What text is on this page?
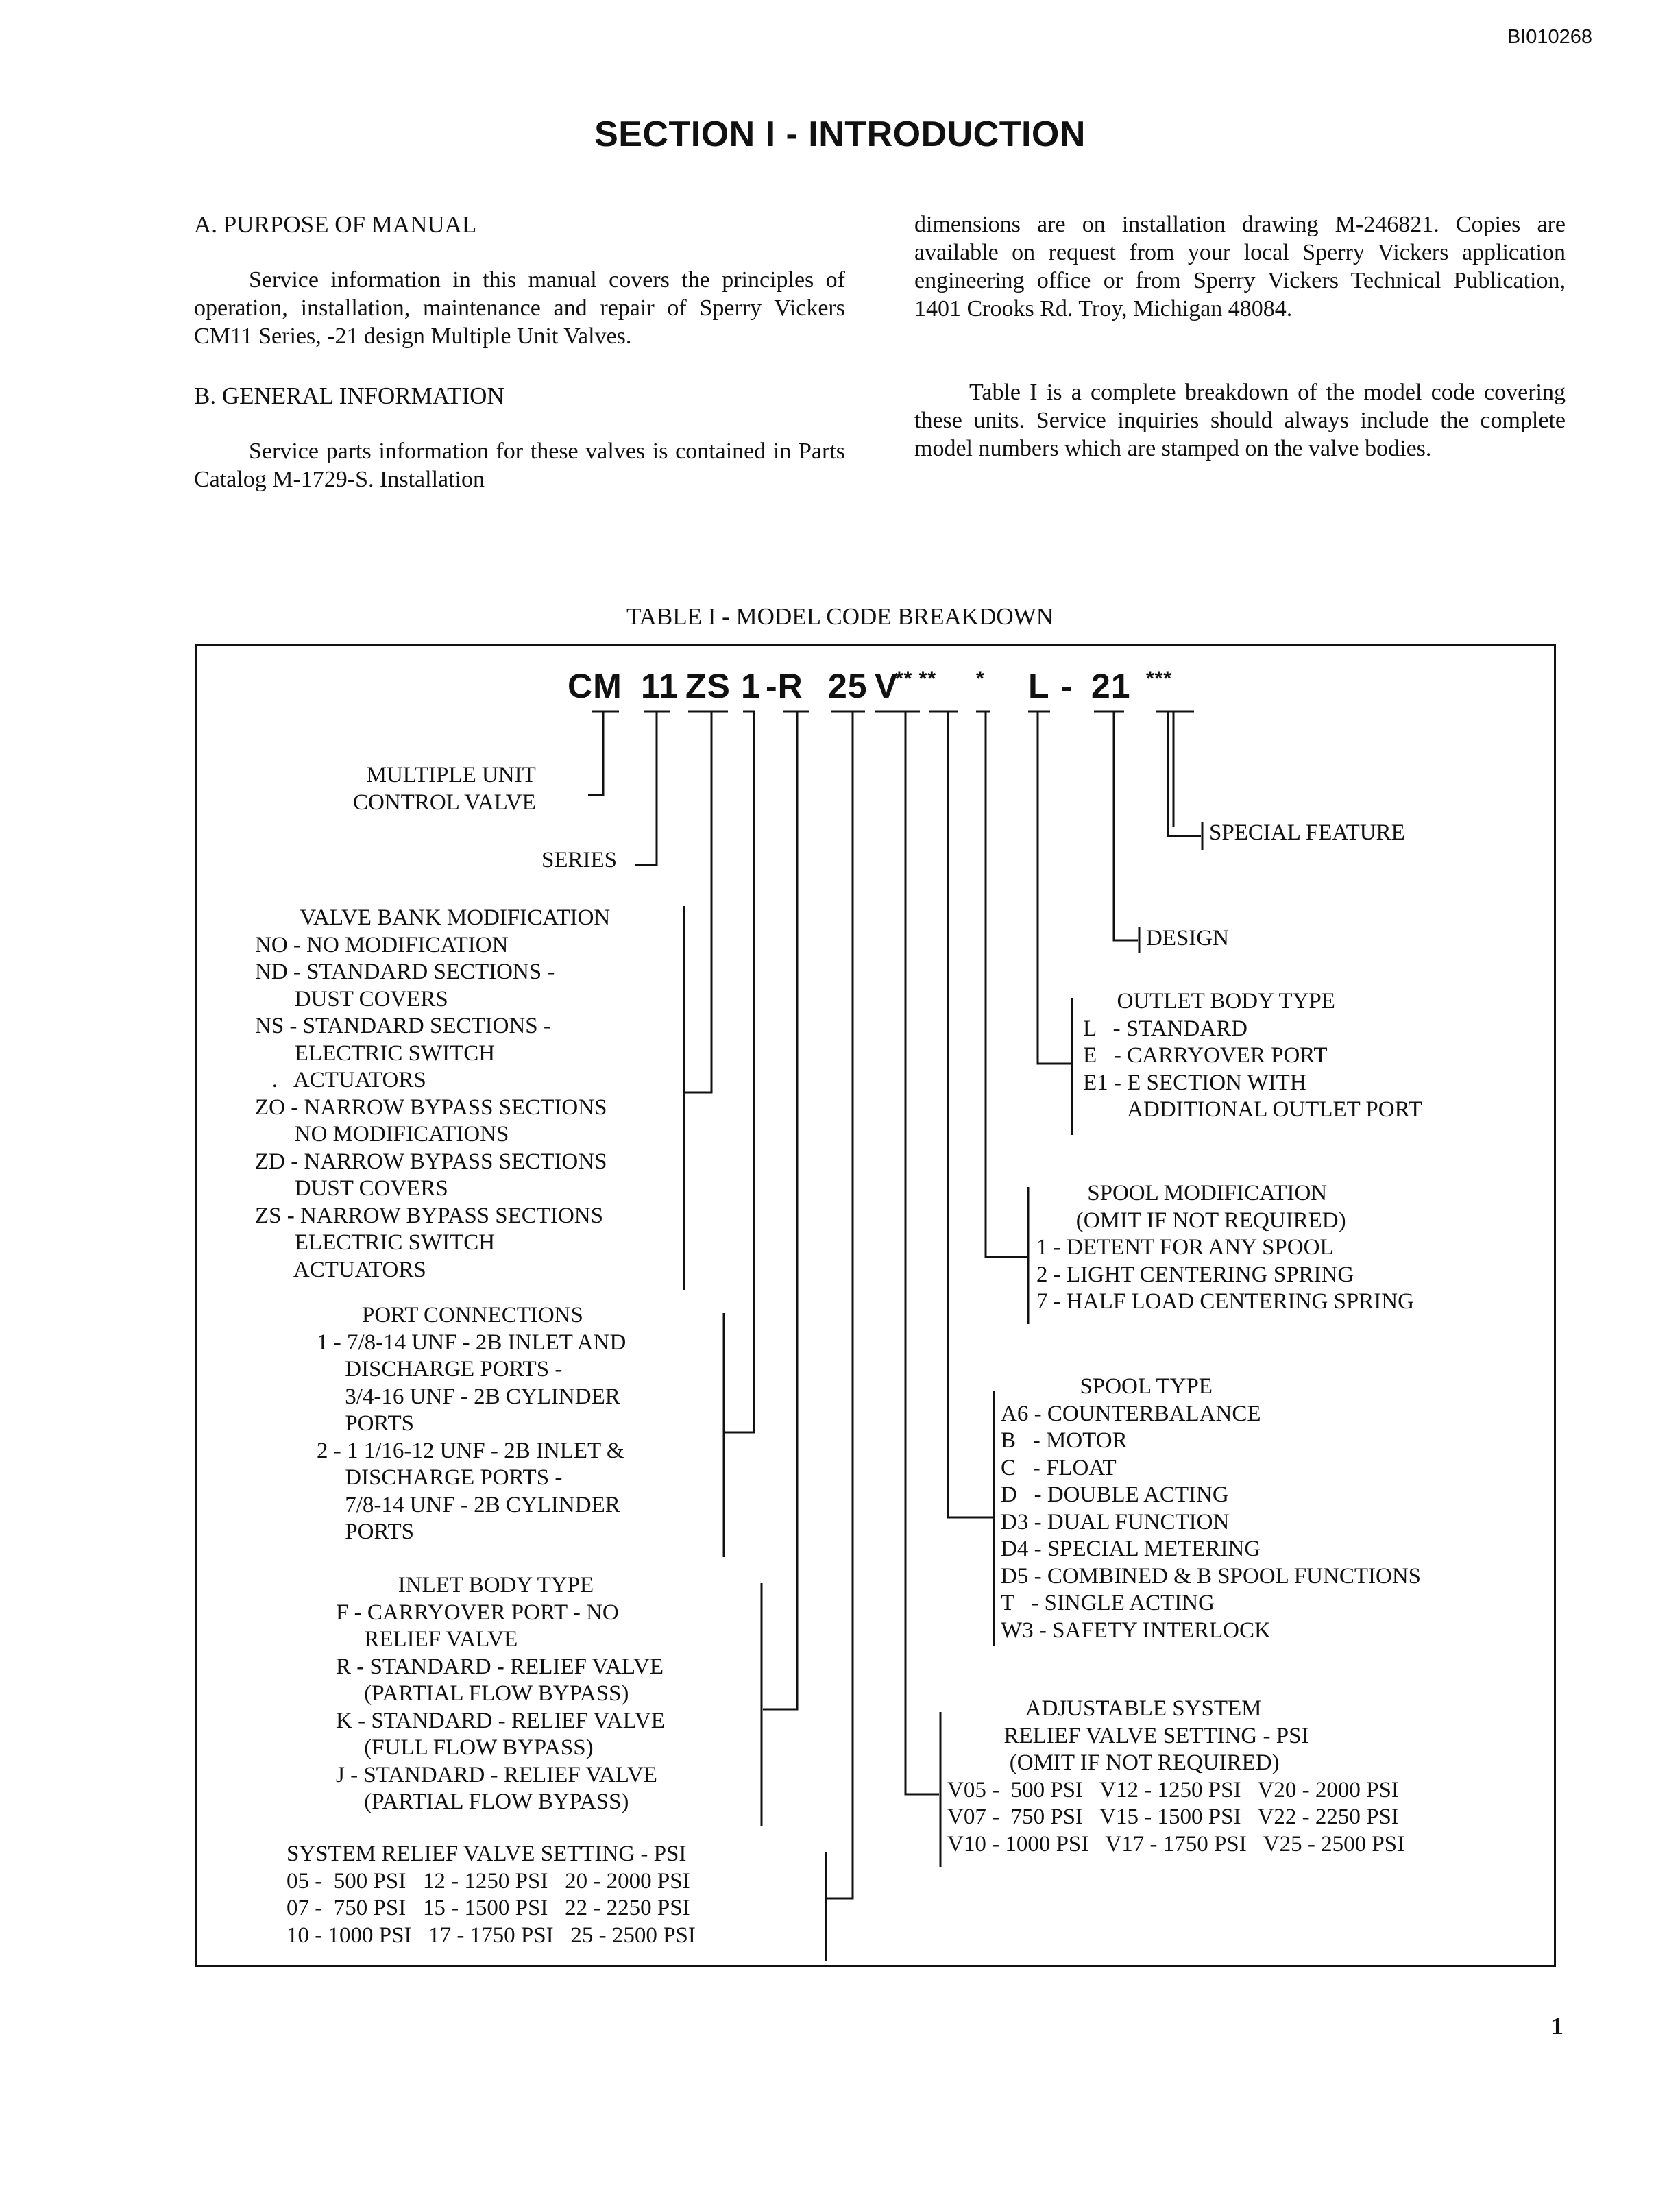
BI010268
SECTION I - INTRODUCTION
A. PURPOSE OF MANUAL

Service information in this manual covers the principles of operation, installation, maintenance and repair of Sperry Vickers CM11 Series, -21 design Multiple Unit Valves.

B. GENERAL INFORMATION

Service parts information for these valves is contained in Parts Catalog M-1729-S. Installation

dimensions are on installation drawing M-246821. Copies are available on request from your local Sperry Vickers application engineering office or from Sperry Vickers Technical Publication, 1401 Crooks Rd. Troy, Michigan 48084.

Table I is a complete breakdown of the model code covering these units. Service inquiries should always include the complete model numbers which are stamped on the valve bodies.

TABLE I - MODEL CODE BREAKDOWN
CM 11 ZS 1 -R 25 V
** ** * L - 21 ***
MULTIPLE UNIT
CONTROL VALVE
SERIES
VALVE BANK MODIFICATION
NO - NO MODIFICATION
ND - STANDARD SECTIONS -
DUST COVERS
NS - STANDARD SECTIONS -
ELECTRIC SWITCH
.   ACTUATORS
ZO - NARROW BYPASS SECTIONS
NO MODIFICATIONS
ZD - NARROW BYPASS SECTIONS
DUST COVERS
ZS - NARROW BYPASS SECTIONS
ELECTRIC SWITCH
ACTUATORS
PORT CONNECTIONS
1 - 7/8-14 UNF - 2B INLET AND
DISCHARGE PORTS -
3/4-16 UNF - 2B CYLINDER
PORTS
2 - 1 1/16-12 UNF - 2B INLET &
DISCHARGE PORTS -
7/8-14 UNF - 2B CYLINDER
PORTS
INLET BODY TYPE
F - CARRYOVER PORT - NO
RELIEF VALVE
R - STANDARD - RELIEF VALVE
(PARTIAL FLOW BYPASS)
K - STANDARD - RELIEF VALVE
(FULL FLOW BYPASS)
J - STANDARD - RELIEF VALVE
(PARTIAL FLOW BYPASS)
SYSTEM RELIEF VALVE SETTING - PSI
05 -  500 PSI   12 - 1250 PSI   20 - 2000 PSI
07 -  750 PSI   15 - 1500 PSI   22 - 2250 PSI
10 - 1000 PSI   17 - 1750 PSI   25 - 2500 PSI
SPECIAL FEATURE
DESIGN
OUTLET BODY TYPE
L   - STANDARD
E   - CARRYOVER PORT
E1 - E SECTION WITH
ADDITIONAL OUTLET PORT
SPOOL MODIFICATION
(OMIT IF NOT REQUIRED)
1 - DETENT FOR ANY SPOOL
2 - LIGHT CENTERING SPRING
7 - HALF LOAD CENTERING SPRING
SPOOL TYPE
A6 - COUNTERBALANCE
B   - MOTOR
C   - FLOAT
D   - DOUBLE ACTING
D3 - DUAL FUNCTION
D4 - SPECIAL METERING
D5 - COMBINED & B SPOOL FUNCTIONS
T   - SINGLE ACTING
W3 - SAFETY INTERLOCK
ADJUSTABLE SYSTEM
RELIEF VALVE SETTING - PSI
(OMIT IF NOT REQUIRED)
V05 -  500 PSI   V12 - 1250 PSI   V20 - 2000 PSI
V07 -  750 PSI   V15 - 1500 PSI   V22 - 2250 PSI
V10 - 1000 PSI   V17 - 1750 PSI   V25 - 2500 PSI
1
